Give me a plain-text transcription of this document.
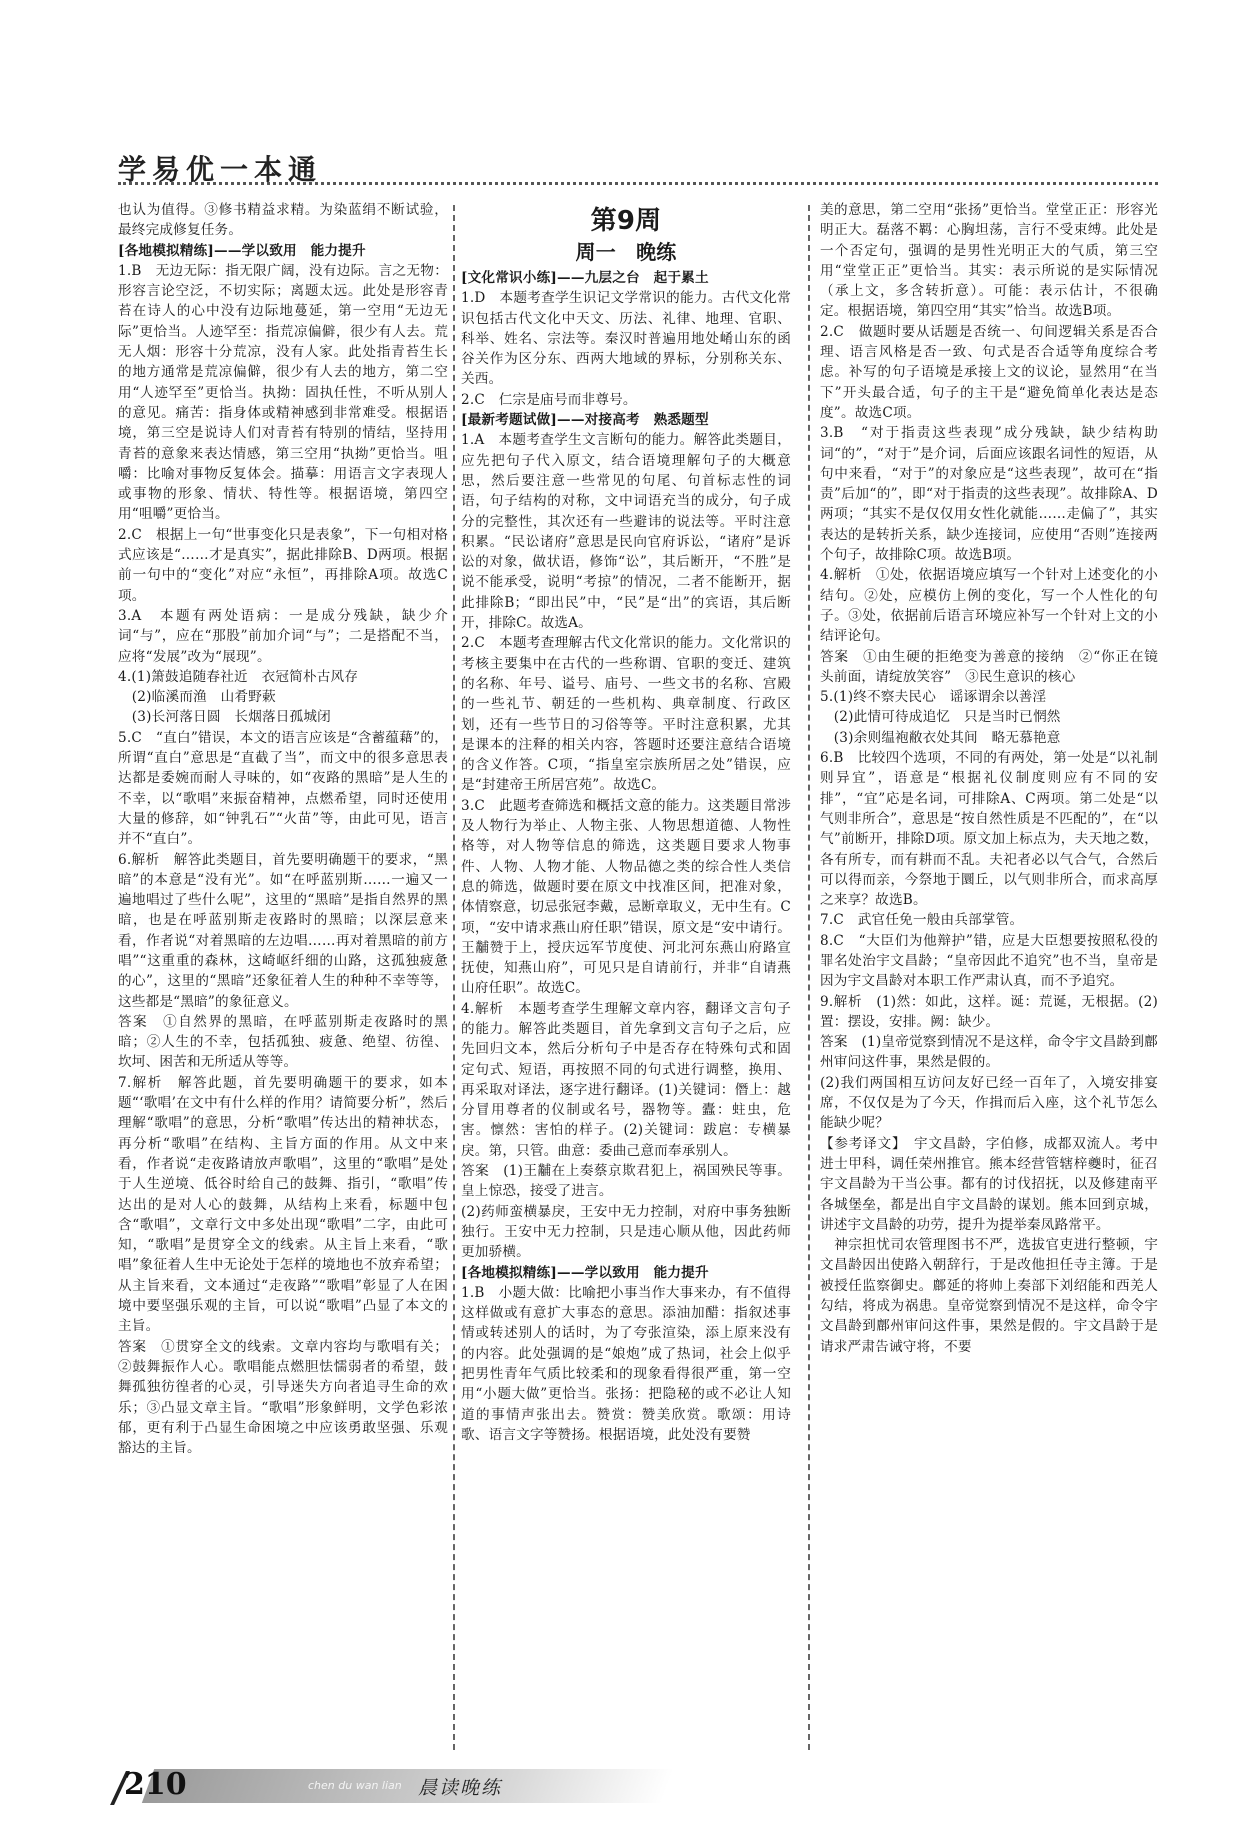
学易优一本通

也认为值得。③修书精益求精。为染蓝绢不断试验，最终完成修复任务。

[各地模拟精练]——学以致用　能力提升

1.B　无边无际：指无限广阔，没有边际。言之无物：形容言论空泛，不切实际；离题太远。此处是形容青苔在诗人的心中没有边际地蔓延，第一空用“无边无际”更恰当。人迹罕至：指荒凉偏僻，很少有人去。荒无人烟：形容十分荒凉，没有人家。此处指青苔生长的地方通常是荒凉偏僻，很少有人去的地方，第二空用“人迹罕至”更恰当。执拗：固执任性，不听从别人的意见。痛苦：指身体或精神感到非常难受。根据语境，第三空是说诗人们对青苔有特别的情结，坚持用青苔的意象来表达情感，第三空用“执拗”更恰当。咀嚼：比喻对事物反复体会。描摹：用语言文字表现人或事物的形象、情状、特性等。根据语境，第四空用“咀嚼”更恰当。

2.C　根据上一句“世事变化只是表象”，下一句相对格式应该是“……才是真实”，据此排除B、D两项。根据前一句中的“变化”对应“永恒”，再排除A项。故选C项。

3.A　本题有两处语病：一是成分残缺，缺少介词“与”，应在“那股”前加介词“与”；二是搭配不当，应将“发展”改为“展现”。

4.(1)箫鼓追随春社近　衣冠简朴古风存

　(2)临溪而渔　山肴野蔌

　(3)长河落日圆　长烟落日孤城闭

5.C　“直白”错误，本文的语言应该是“含蓄蕴藉”的，所谓“直白”意思是“直截了当”，而文中的很多意思表达都是委婉而耐人寻味的，如“夜路的黑暗”是人生的不幸，以“歌唱”来振奋精神，点燃希望，同时还使用大量的修辞，如“钟乳石”“火苗”等，由此可见，语言并不“直白”。

6.解析　解答此类题目，首先要明确题干的要求，“黑暗”的本意是“没有光”。如“在呼蓝别斯……一遍又一遍地唱过了些什么呢”，这里的“黑暗”是指自然界的黑暗，也是在呼蓝别斯走夜路时的黑暗；以深层意来看，作者说“对着黑暗的左边唱……再对着黑暗的前方唱”“这重重的森林，这崎岖纤细的山路，这孤独疲惫的心”，这里的“黑暗”还象征着人生的种种不幸等等，这些都是“黑暗”的象征意义。

答案　①自然界的黑暗，在呼蓝别斯走夜路时的黑暗；②人生的不幸，包括孤独、疲惫、绝望、彷徨、坎坷、困苦和无所适从等等。

7.解析　解答此题，首先要明确题干的要求，如本题“‘歌唱’在文中有什么样的作用？请简要分析”，然后理解“歌唱”的意思，分析“歌唱”传达出的精神状态，再分析“歌唱”在结构、主旨方面的作用。从文中来看，作者说“走夜路请放声歌唱”，这里的“歌唱”是处于人生逆境、低谷时给自己的鼓舞、指引，“歌唱”传达出的是对人心的鼓舞，从结构上来看，标题中包含“歌唱”，文章行文中多处出现“歌唱”二字，由此可知，“歌唱”是贯穿全文的线索。从主旨上来看，“歌唱”象征着人生中无论处于怎样的境地也不放弃希望；从主旨来看，文本通过“走夜路”“歌唱”彰显了人在困境中要坚强乐观的主旨，可以说“歌唱”凸显了本文的主旨。

答案　①贯穿全文的线索。文章内容均与歌唱有关；②鼓舞振作人心。歌唱能点燃胆怯懦弱者的希望，鼓舞孤独彷徨者的心灵，引导迷失方向者追寻生命的欢乐；③凸显文章主旨。“歌唱”形象鲜明，文学色彩浓郁，更有利于凸显生命困境之中应该勇敢坚强、乐观豁达的主旨。

第9周
周一　晚练

[文化常识小练]——九层之台　起于累土

1.D　本题考查学生识记文学常识的能力。古代文化常识包括古代文化中天文、历法、礼律、地理、官职、科举、姓名、宗法等。秦汉时普遍用地处崤山东的函谷关作为区分东、西两大地域的界标，分别称关东、关西。

2.C　仁宗是庙号而非尊号。

[最新考题试做]——对接高考　熟悉题型

1.A　本题考查学生文言断句的能力。解答此类题目，应先把句子代入原文，结合语境理解句子的大概意思，然后要注意一些常见的句尾、句首标志性的词语，句子结构的对称，文中词语充当的成分，句子成分的完整性，其次还有一些避讳的说法等。平时注意积累。“民讼诸府”意思是民向官府诉讼，“诸府”是诉讼的对象，做状语，修饰“讼”，其后断开，“不胜”是说不能承受，说明“考掠”的情况，二者不能断开，据此排除B；“即出民”中，“民”是“出”的宾语，其后断开，排除C。故选A。

2.C　本题考查理解古代文化常识的能力。文化常识的考核主要集中在古代的一些称谓、官职的变迁、建筑的名称、年号、谥号、庙号、一些文书的名称、宫殿的一些礼节、朝廷的一些机构、典章制度、行政区划，还有一些节日的习俗等等。平时注意积累，尤其是课本的注释的相关内容，答题时还要注意结合语境的含义作答。C项，“指皇室宗族所居之处”错误，应是“封建帝王所居宫苑”。故选C。

3.C　此题考查筛选和概括文意的能力。这类题目常涉及人物行为举止、人物主张、人物思想道德、人物性格等，对人物等信息的筛选，这类题目要求人物事件、人物、人物才能、人物品德之类的综合性人类信息的筛选，做题时要在原文中找准区间，把准对象，体情察意，切忌张冠李戴，忌断章取义，无中生有。C项，“安中请求燕山府任职”错误，原文是“安中请行。王黼赞于上，授庆远军节度使、河北河东燕山府路宣抚使，知燕山府”，可见只是自请前行，并非“自请燕山府任职”。故选C。

4.解析　本题考查学生理解文章内容，翻译文言句子的能力。解答此类题目，首先拿到文言句子之后，应先回归文本，然后分析句子中是否存在特殊句式和固定句式、短语，再按照不同的句式进行调整，换用、再采取对译法，逐字进行翻译。(1)关键词：僭上：越分冒用尊者的仪制或名号，器物等。蠹：蛀虫，危害。懔然：害怕的样子。(2)关键词：跋扈：专横暴戾。第，只管。曲意：委曲己意而奉承别人。

答案　(1)王黼在上奏蔡京欺君犯上，祸国殃民等事。皇上惊恐，接受了进言。

(2)药师蛮横暴戾，王安中无力控制，对府中事务独断独行。王安中无力控制，只是违心顺从他，因此药师更加骄横。

[各地模拟精练]——学以致用　能力提升

1.B　小题大做：比喻把小事当作大事来办，有不值得这样做或有意扩大事态的意思。添油加醋：指叙述事情或转述别人的话时，为了夸张渲染，添上原来没有的内容。此处强调的是“娘炮”成了热词，社会上似乎把男性青年气质比较柔和的现象看得很严重，第一空用“小题大做”更恰当。张扬：把隐秘的或不必让人知道的事情声张出去。赞赏：赞美欣赏。歌颂：用诗歌、语言文字等赞扬。根据语境，此处没有要赞

美的意思，第二空用“张扬”更恰当。堂堂正正：形容光明正大。磊落不羁：心胸坦荡，言行不受束缚。此处是一个否定句，强调的是男性光明正大的气质，第三空用“堂堂正正”更恰当。其实：表示所说的是实际情况（承上文，多含转折意）。可能：表示估计，不很确定。根据语境，第四空用“其实”恰当。故选B项。

2.C　做题时要从话题是否统一、句间逻辑关系是否合理、语言风格是否一致、句式是否合适等角度综合考虑。补写的句子语境是承接上文的议论，显然用“在当下”开头最合适，句子的主干是“避免简单化表达是态度”。故选C项。

3.B　“对于指责这些表现”成分残缺，缺少结构助词“的”，“对于”是介词，后面应该跟名词性的短语，从句中来看，“对于”的对象应是“这些表现”，故可在“指责”后加“的”，即“对于指责的这些表现”。故排除A、D两项；“其实不是仅仅用女性化就能……走偏了”，其实表达的是转折关系，缺少连接词，应使用“否则”连接两个句子，故排除C项。故选B项。

4.解析　①处，依据语境应填写一个针对上述变化的小结句。②处，应模仿上例的变化，写一个人性化的句子。③处，依据前后语言环境应补写一个针对上文的小结评论句。

答案　①由生硬的拒绝变为善意的接纳　②“你正在镜头前面，请绽放笑容”　③民生意识的核心

5.(1)终不察夫民心　谣诼谓余以善淫

　(2)此情可待成追忆　只是当时已惘然

　(3)余则缊袍敝衣处其间　略无慕艳意

6.B　比较四个选项，不同的有两处，第一处是“以礼制则异宜”，语意是“根据礼仪制度则应有不同的安排”，“宜”応是名词，可排除A、C两项。第二处是“以气则非所合”，意思是“按自然性质是不匹配的”，在“以气”前断开，排除D项。原文加上标点为，夫天地之数，各有所专，而有耕而不乱。夫祀者必以气合气，合然后可以得而亲，今祭地于圜丘，以气则非所合，而求高厚之来享？故选B。

7.C　武官任免一般由兵部掌管。

8.C　“大臣们为他辩护”错，应是大臣想要按照私役的罪名处治宇文昌龄；“皇帝因此不追究”也不当，皇帝是因为宇文昌龄对本职工作严肃认真，而不予追究。

9.解析　(1)然：如此，这样。诞：荒诞，无根据。(2)置：摆设，安排。阙：缺少。

答案　(1)皇帝觉察到情况不是这样，命令宇文昌龄到鄜州审问这件事，果然是假的。

(2)我们两国相互访问友好已经一百年了，入境安排宴席，不仅仅是为了今天，作揖而后入座，这个礼节怎么能缺少呢？

【参考译文】　宇文昌龄，字伯修，成都双流人。考中进士甲科，调任荣州推官。熊本经营管辖梓夔时，征召宇文昌龄为干当公事。都有的讨伐招抚，以及修建南平各城堡垒，都是出自宇文昌龄的谋划。熊本回到京城，讲述宇文昌龄的功劳，提升为提举秦凤路常平。

　神宗担忧司农管理图书不严，选拔官吏进行整顿，宇文昌龄因出使路入朝辞行，于是改他担任寺主簿。于是被授任监察御史。鄜延的将帅上奏部下刘绍能和西羌人勾结，将成为祸患。皇帝觉察到情况不是这样，命令宇文昌龄到鄜州审问这件事，果然是假的。宇文昌龄于是请求严肃告诫守将，不要

210	chen du wan lian 晨读晚练
